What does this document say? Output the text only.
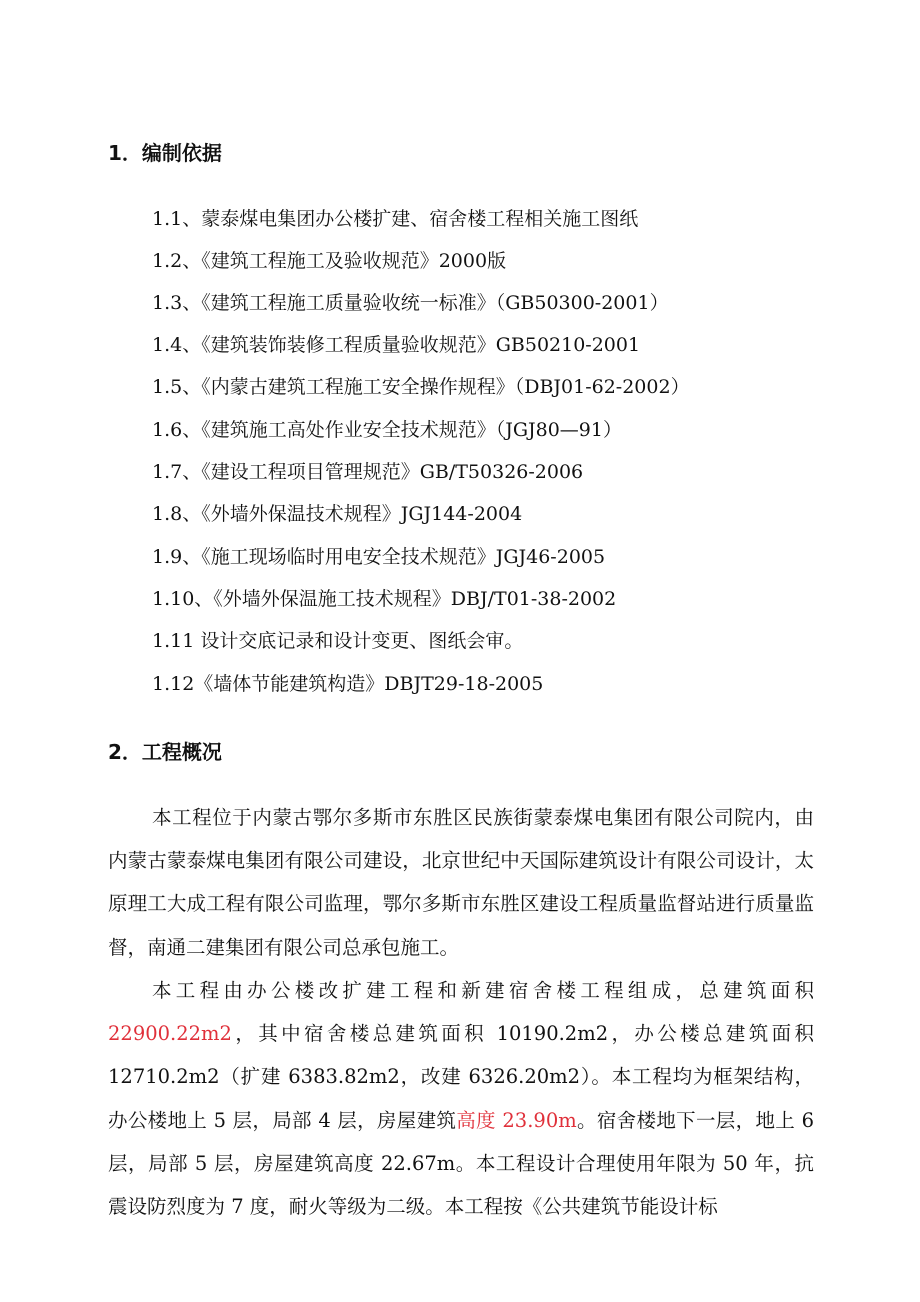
1．编制依据
1.1、蒙泰煤电集团办公楼扩建、宿舍楼工程相关施工图纸
1.2、《建筑工程施工及验收规范》2000版
1.3、《建筑工程施工质量验收统一标准》（GB50300-2001）
1.4、《建筑装饰装修工程质量验收规范》GB50210-2001
1.5、《内蒙古建筑工程施工安全操作规程》（DBJ01-62-2002）
1.6、《建筑施工高处作业安全技术规范》（JGJ80—91）
1.7、《建设工程项目管理规范》GB/T50326-2006
1.8、《外墙外保温技术规程》JGJ144-2004
1.9、《施工现场临时用电安全技术规范》JGJ46-2005
1.10、《外墙外保温施工技术规程》DBJ/T01-38-2002
1.11 设计交底记录和设计变更、图纸会审。
1.12《墙体节能建筑构造》DBJT29-18-2005
2．工程概况
本工程位于内蒙古鄂尔多斯市东胜区民族街蒙泰煤电集团有限公司院内，由内蒙古蒙泰煤电集团有限公司建设，北京世纪中天国际建筑设计有限公司设计，太原理工大成工程有限公司监理，鄂尔多斯市东胜区建设工程质量监督站进行质量监督，南通二建集团有限公司总承包施工。
本工程由办公楼改扩建工程和新建宿舍楼工程组成，总建筑面积22900.22m2，其中宿舍楼总建筑面积 10190.2m2，办公楼总建筑面积 12710.2m2（扩建 6383.82m2，改建 6326.20m2）。本工程均为框架结构，办公楼地上 5 层，局部 4 层，房屋建筑高度 23.90m。宿舍楼地下一层，地上 6 层，局部 5 层，房屋建筑高度 22.67m。本工程设计合理使用年限为 50 年，抗震设防烈度为 7 度，耐火等级为二级。本工程按《公共建筑节能设计标
